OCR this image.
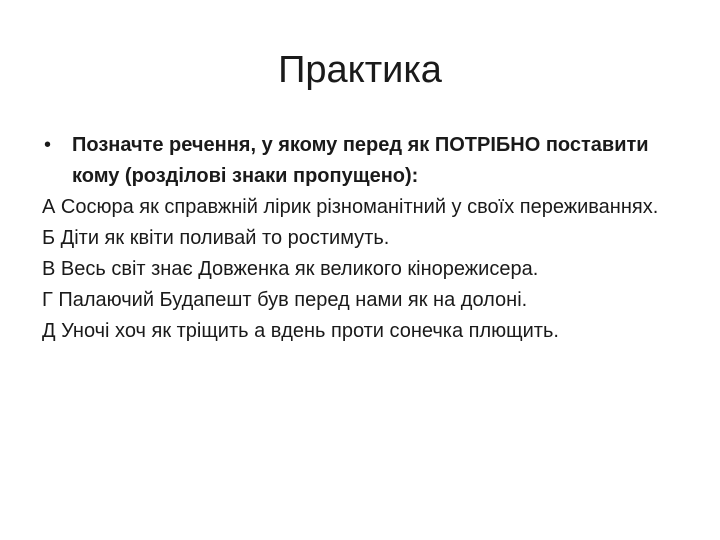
Практика
• Позначте речення, у якому перед як ПОТРІБНО поставити кому (розділові знаки пропущено):

А Сосюра як справжній лірик різноманітний у своїх переживаннях.

Б Діти як квіти поливай то ростимуть.

В Весь світ знає Довженка як великого кінорежисера.

Г Палаючий Будапешт був перед нами як на долоні.

Д Уночі хоч як тріщить а вдень проти сонечка плющить.
